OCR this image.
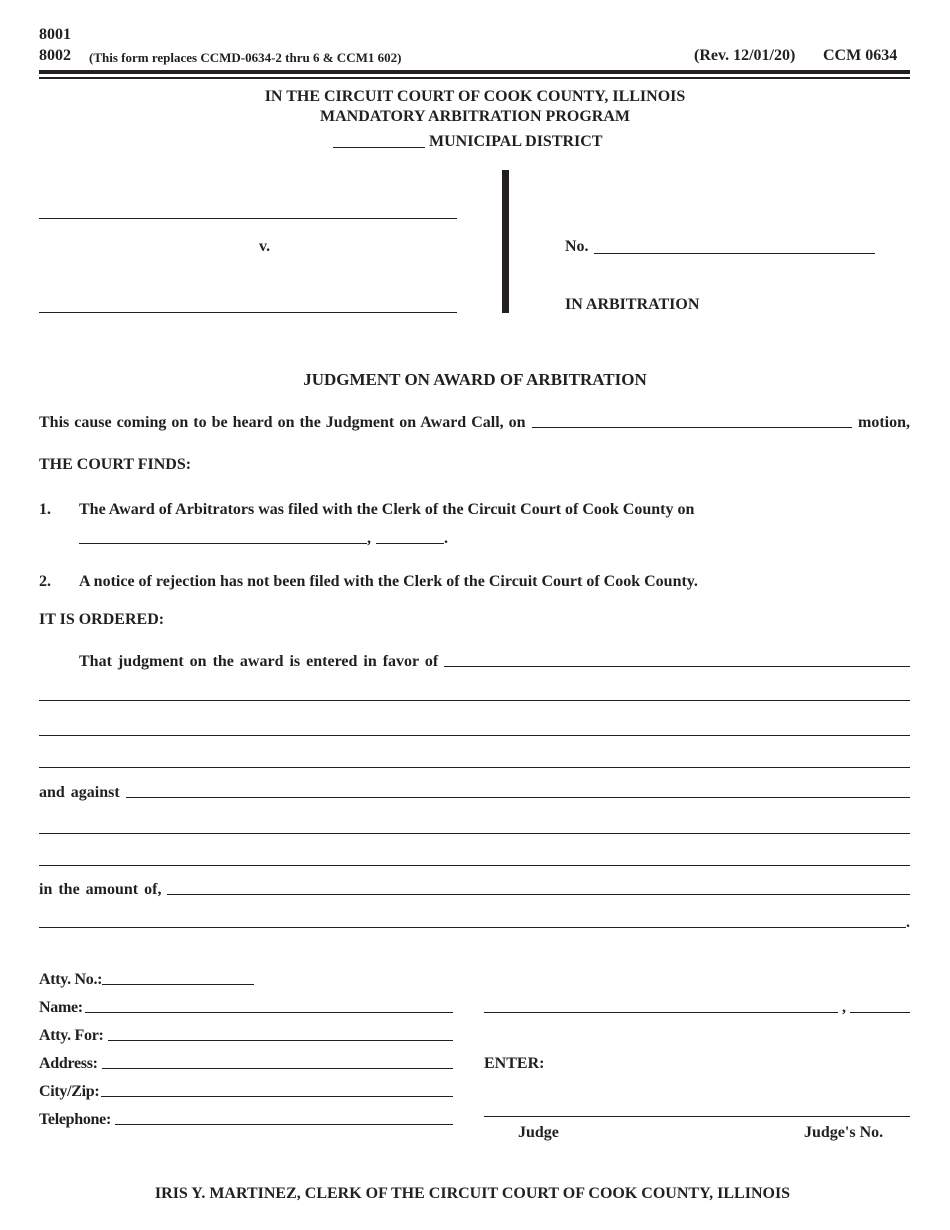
8001
8002 (This form replaces CCMD-0634-2 thru 6 & CCM1 602)	(Rev. 12/01/20) CCM 0634
IN THE CIRCUIT COURT OF COOK COUNTY, ILLINOIS
MANDATORY ARBITRATION PROGRAM
MUNICIPAL DISTRICT
v.	No.
IN ARBITRATION
JUDGMENT ON AWARD OF ARBITRATION
This cause coming on to be heard on the Judgment on Award Call, on	motion,
THE COURT FINDS:
1. The Award of Arbitrators was filed with the Clerk of the Circuit Court of Cook County on
,	.
2. A notice of rejection has not been filed with the Clerk of the Circuit Court of Cook County.
IT IS ORDERED:
That judgment on the award is entered in favor of
and against
in the amount of,
.
Atty. No.:
Name:
Atty. For:
Address:
City/Zip:
Telephone:
,
ENTER:
Judge	Judge's No.
IRIS Y. MARTINEZ, CLERK OF THE CIRCUIT COURT OF COOK COUNTY, ILLINOIS
